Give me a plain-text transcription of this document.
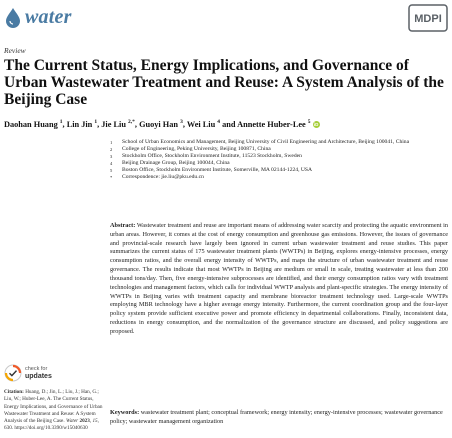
water	MDPI
Review
The Current Status, Energy Implications, and Governance of Urban Wastewater Treatment and Reuse: A System Analysis of the Beijing Case
Daohan Huang $^1$, Lin Jin $^1$, Jie Liu $^{2,*}$, Guoyi Han $^3$, Wei Liu $^4$ and Annette Huber-Lee $^5$ iD
1	School of Urban Economics and Management, Beijing University of Civil Engineering and Architecture, Beijing 100041, China
2	College of Engineering, Peking University, Beijing 100871, China
3	Stockholm Office, Stockholm Environment Institute, 11523 Stockholm, Sweden
4	Beijing Drainage Group, Beijing 100044, China
5	Boston Office, Stockholm Environment Institute, Somerville, MA 02144-1224, USA
*	Correspondence: jie.liu@pku.edu.cn

Abstract: Wastewater treatment and reuse are important means of addressing water scarcity and protecting the aquatic environment in urban areas. However, it comes at the cost of energy consumption and greenhouse gas emissions. However, the issues of governance and provincial-scale research have largely been ignored in current urban wastewater treatment and reuse studies. This paper summarizes the current status of 175 wastewater treatment plants (WWTPs) in Beijing, explores energy-intensive processes, energy consumption ratios, and the overall energy intensity of WWTPs, and maps the structure of urban wastewater treatment and reuse governance. The results indicate that most WWTPs in Beijing are medium or small in scale, treating wastewater at less than 200 thousand tons/day. Then, five energy-intensive subprocesses are identified, and their energy consumption ratios vary with treatment technologies and management factors, which calls for individual WWTP analysis and plant-specific strategies. The energy intensity of WWTPs in Beijing varies with treatment capacity and membrane bioreactor treatment technology used. Large-scale WWTPs employing MBR technology have a higher average energy intensity. Furthermore, the current coordination group and the four-layer policy system provide sufficient executive power and promote efficiency in departmental collaborations. Finally, inconsistent data, reductions in energy consumption, and the normalization of the governance structure are discussed, and policy suggestions are proposed.

Keywords: wastewater treatment plant; conceptual framework; energy intensity; energy-intensive processes; wastewater governance policy; wastewater management organization

check for
updates
Citation: Huang, D.; Jin, L.; Liu, J.; Han, G.; Liu, W.; Huber-Lee, A. The Current Status, Energy Implications, and Governance of Urban Wastewater Treatment and Reuse: A System Analysis of the Beijing Case. Water 2023, 15, 630. https://doi.org/10.3390/w15040630
